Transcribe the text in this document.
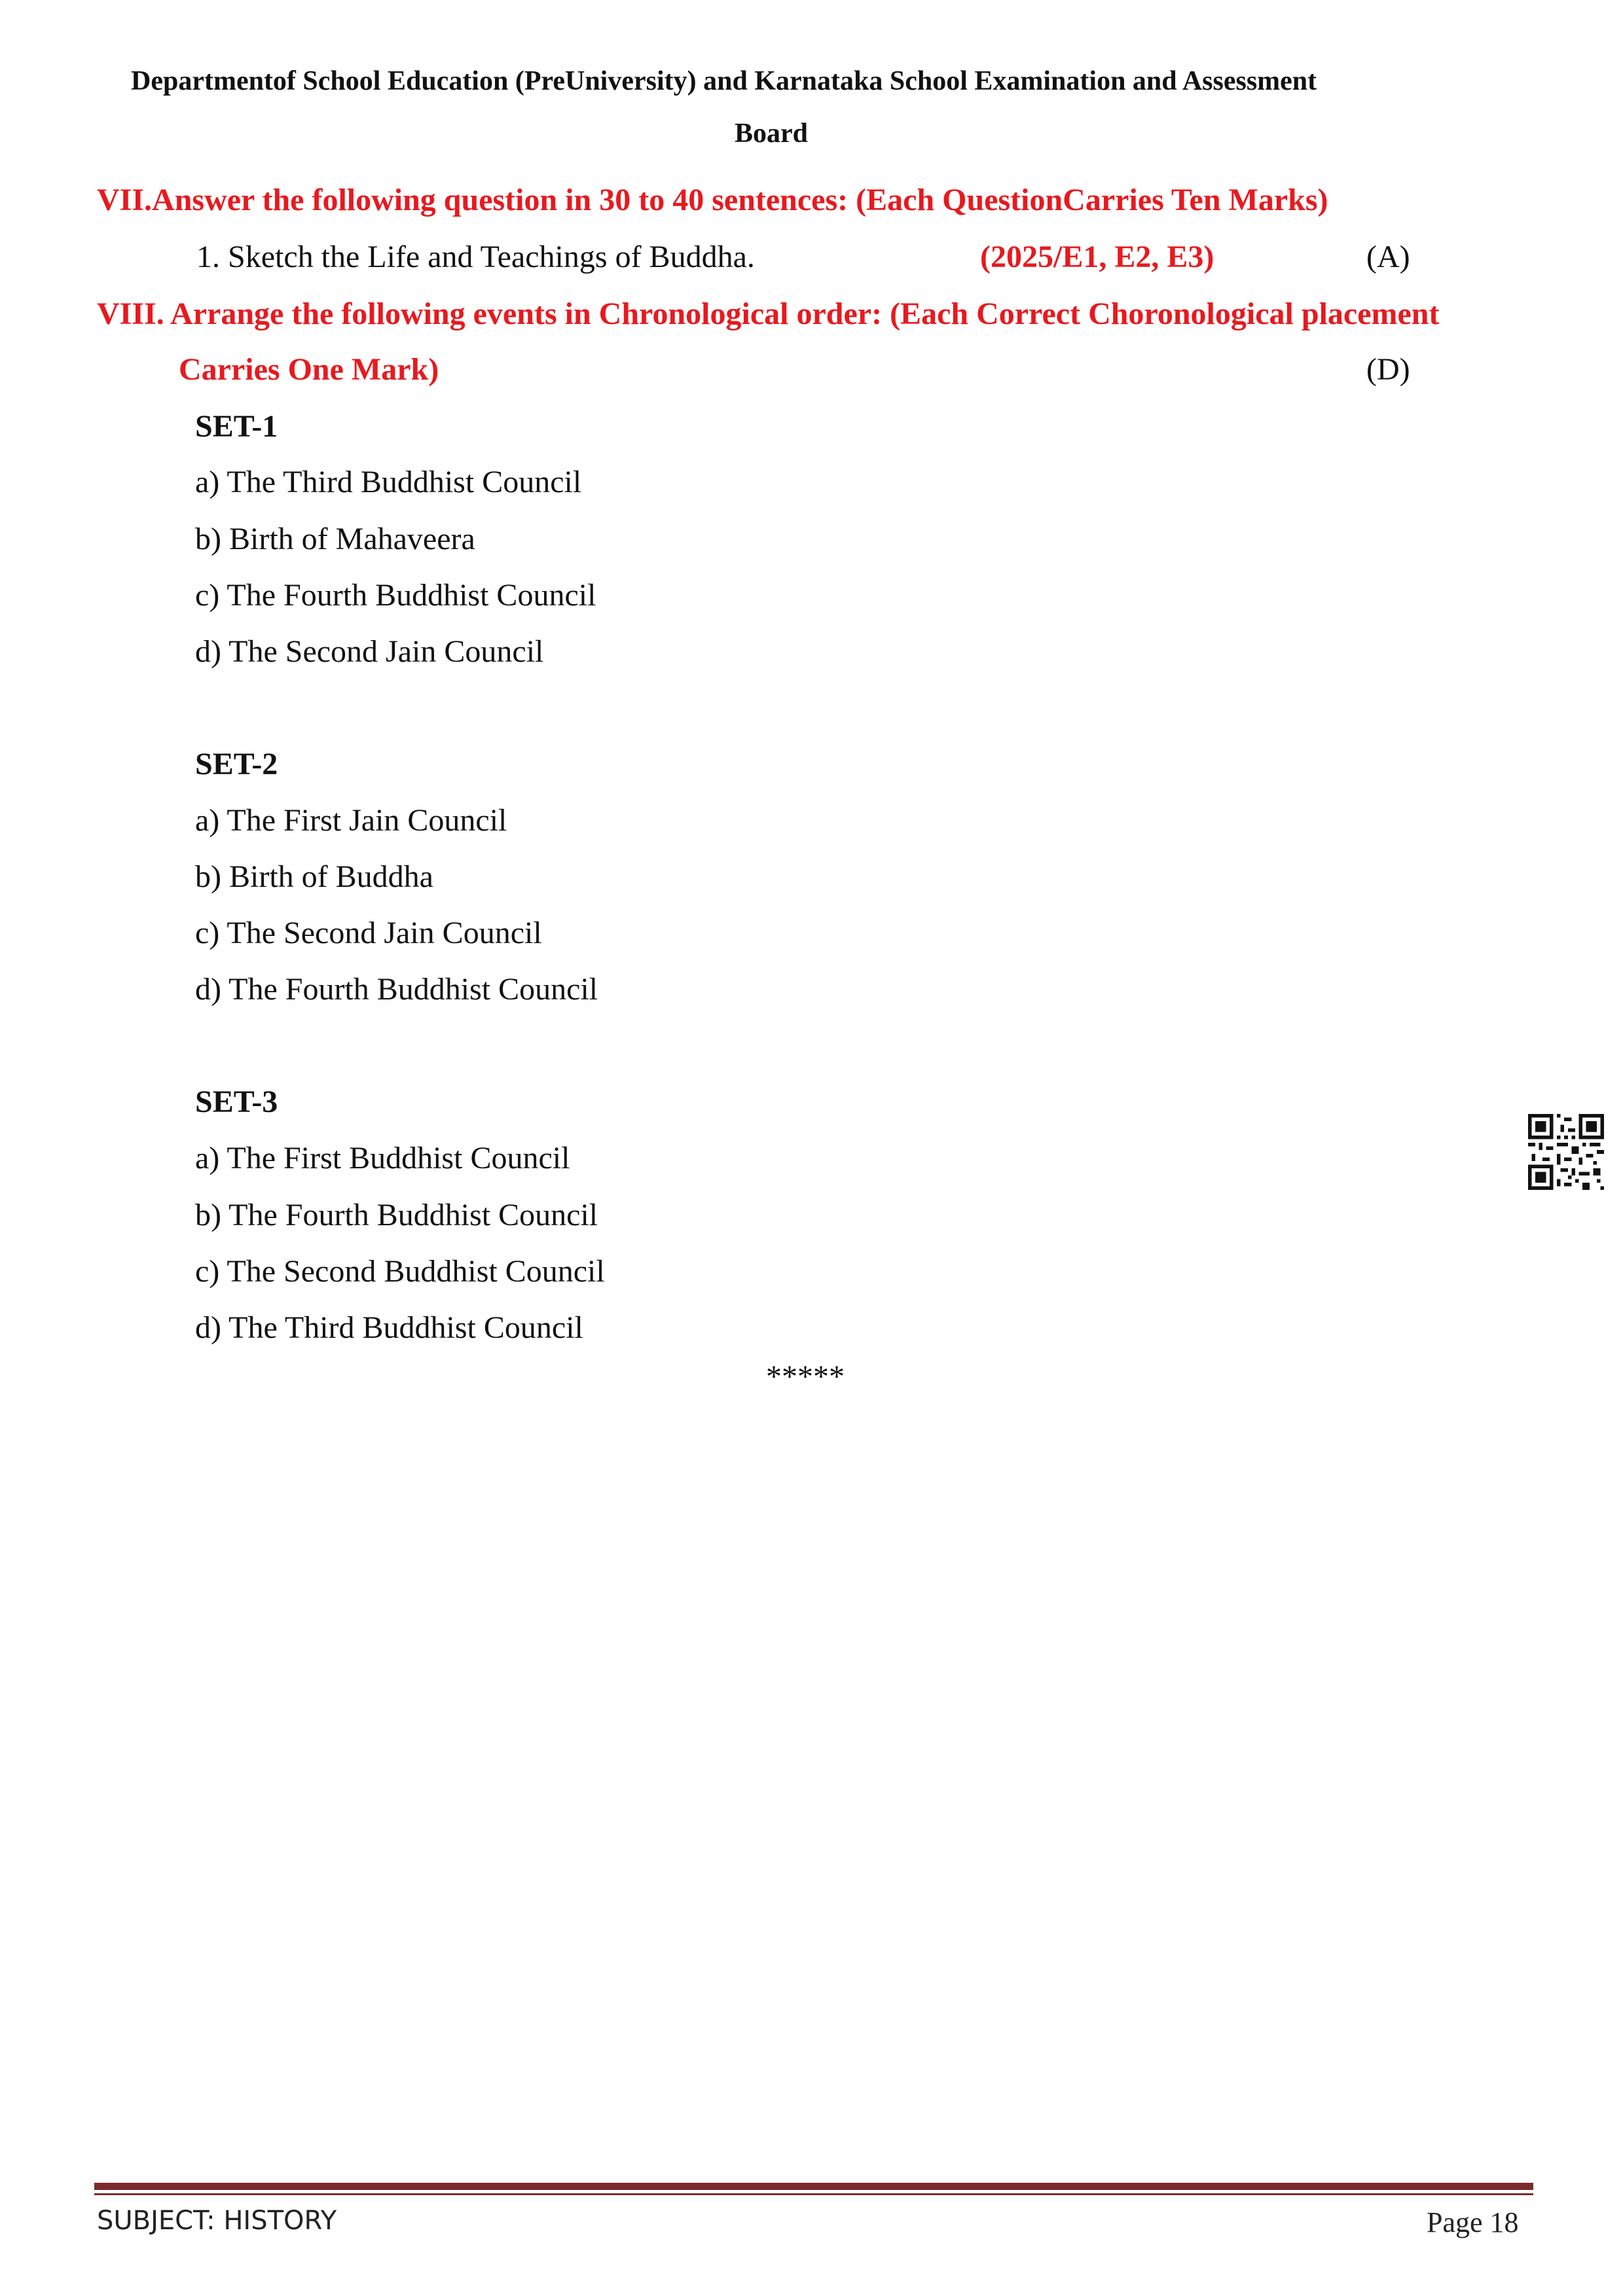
Departmentof School Education (PreUniversity) and Karnataka School Examination and Assessment
Board
VII.Answer the following question in 30 to 40 sentences: (Each QuestionCarries Ten Marks)
1. Sketch the Life and Teachings of Buddha.	(2025/E1, E2, E3)	(A)
VIII. Arrange the following events in Chronological order: (Each Correct Choronological placement
Carries One Mark)	(D)
SET-1
a) The Third Buddhist Council
b) Birth of Mahaveera
c) The Fourth Buddhist Council
d) The Second Jain Council
SET-2
a) The First Jain Council
b) Birth of Buddha
c) The Second Jain Council
d) The Fourth Buddhist Council
SET-3
a) The First Buddhist Council
b) The Fourth Buddhist Council
c) The Second Buddhist Council
d) The Third Buddhist Council
*****
SUBJECT: HISTORY	Page 18
